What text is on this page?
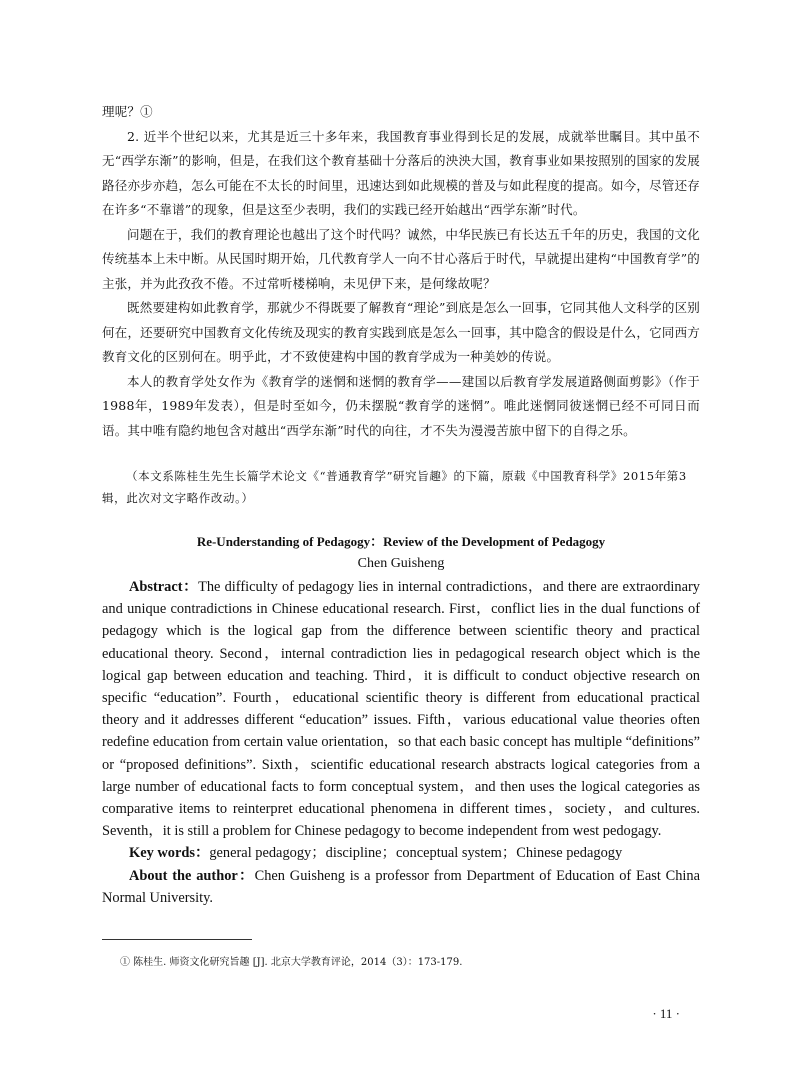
理呢？①

2. 近半个世纪以来，尤其是近三十多年来，我国教育事业得到长足的发展，成就举世瞩目。其中虽不无“西学东渐”的影响，但是，在我们这个教育基础十分落后的泱泱大国，教育事业如果按照别的国家的发展路径亦步亦趋，怎么可能在不太长的时间里，迅速达到如此规模的普及与如此程度的提高。如今，尽管还存在许多“不靠谱”的现象，但是这至少表明，我们的实践已经开始越出“西学东渐”时代。

问题在于，我们的教育理论也越出了这个时代吗？诚然，中华民族已有长达五千年的历史，我国的文化传统基本上未中断。从民国时期开始，几代教育学人一向不甘心落后于时代，早就提出建构“中国教育学”的主张，并为此孜孜不倦。不过常听楼梯响，未见伊下来，是何缘故呢？

既然要建构如此教育学，那就少不得既要了解教育“理论”到底是怎么一回事，它同其他人文科学的区别何在，还要研究中国教育文化传统及现实的教育实践到底是怎么一回事，其中隐含的假设是什么，它同西方教育文化的区别何在。明乎此，才不致使建构中国的教育学成为一种美妙的传说。

本人的教育学处女作为《教育学的迷惘和迷惘的教育学——建国以后教育学发展道路侧面剪影》（作于1988年，1989年发表），但是时至如今，仍未摆脱“教育学的迷惘”。唯此迷惘同彼迷惘已经不可同日而语。其中唯有隐约地包含对越出“西学东渐”时代的向往，才不失为漫漫苦旅中留下的自得之乐。

（本文系陈桂生先生长篇学术论文《“普通教育学”研究旨趣》的下篇，原载《中国教育科学》2015年第3辑，此次对文字略作改动。）

Re-Understanding of Pedagogy：Review of the Development of Pedagogy

Chen Guisheng

Abstract：The difficulty of pedagogy lies in internal contradictions，and there are extraordinary and unique contradictions in Chinese educational research. First，conflict lies in the dual functions of pedagogy which is the logical gap from the difference between scientific theory and practical educational theory. Second，internal contradiction lies in pedagogical research object which is the logical gap between education and teaching. Third，it is difficult to conduct objective research on specific “education”. Fourth，educational scientific theory is different from educational practical theory and it addresses different “education” issues. Fifth，various educational value theories often redefine education from certain value orientation，so that each basic concept has multiple “definitions” or “proposed definitions”. Sixth，scientific educational research abstracts logical categories from a large number of educational facts to form conceptual system，and then uses the logical categories as comparative items to reinterpret educational phenomena in different times，society，and cultures. Seventh，it is still a problem for Chinese pedagogy to become independent from west pedogagy.

Key words：general pedagogy；discipline；conceptual system；Chinese pedagogy

About the author：Chen Guisheng is a professor from Department of Education of East China Normal University.

① 陈桂生. 师资文化研究旨趣 [J]. 北京大学教育评论，2014（3）：173-179.

· 11 ·
